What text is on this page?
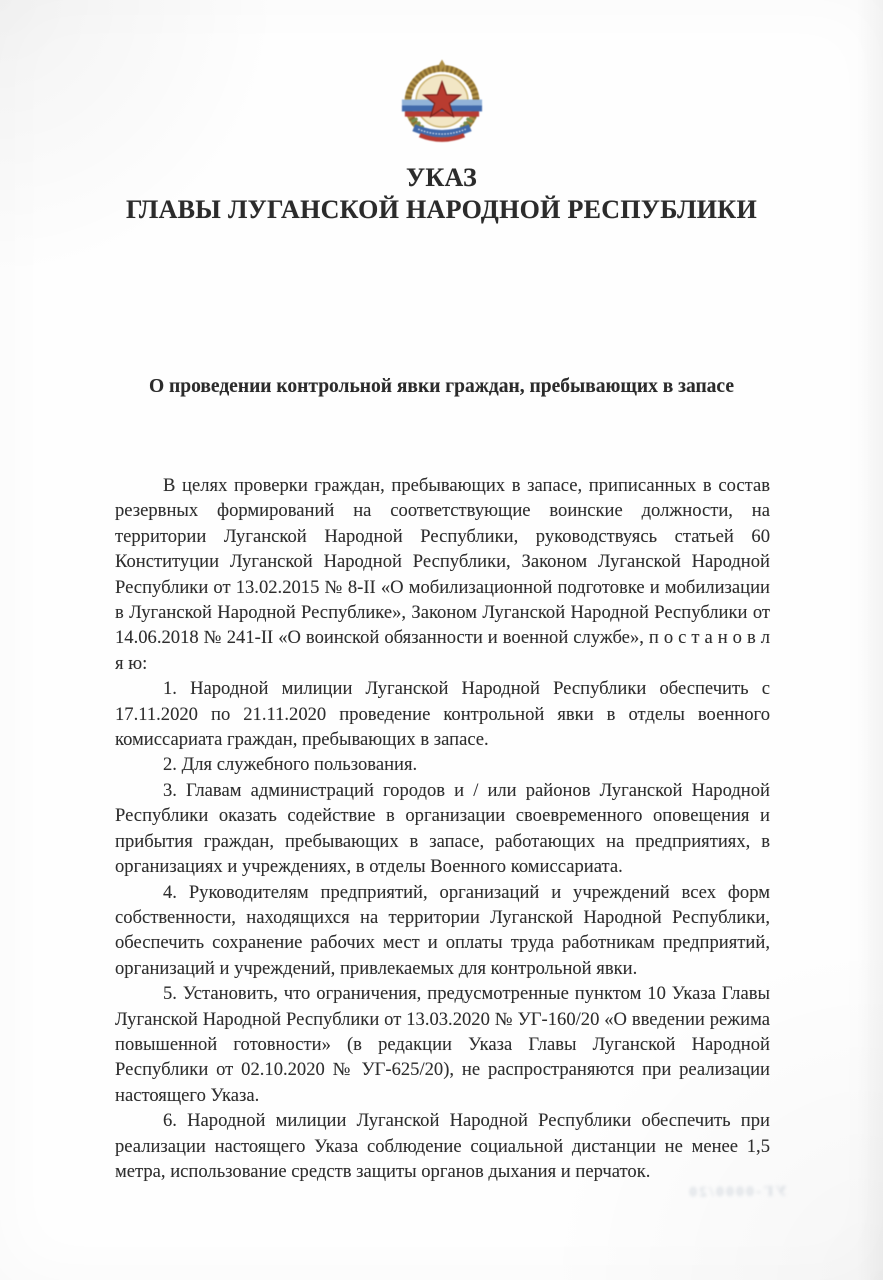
УКАЗ
ГЛАВЫ ЛУГАНСКОЙ НАРОДНОЙ РЕСПУБЛИКИ
О проведении контрольной явки граждан, пребывающих в запасе

В целях проверки граждан, пребывающих в запасе, приписанных в состав резервных формирований на соответствующие воинские должности, на территории Луганской Народной Республики, руководствуясь статьей 60 Конституции Луганской Народной Республики, Законом Луганской Народной Республики от 13.02.2015 № 8-II «О мобилизационной подготовке и мобилизации в Луганской Народной Республике», Законом Луганской Народной Республики от 14.06.2018 № 241-II «О воинской обязанности и военной службе», п о с т а н о в л я ю:

1. Народной милиции Луганской Народной Республики обеспечить с 17.11.2020 по 21.11.2020 проведение контрольной явки в отделы военного комиссариата граждан, пребывающих в запасе.

2. Для служебного пользования.

3. Главам администраций городов и / или районов Луганской Народной Республики оказать содействие в организации своевременного оповещения и прибытия граждан, пребывающих в запасе, работающих на предприятиях, в организациях и учреждениях, в отделы Военного комиссариата.

4. Руководителям предприятий, организаций и учреждений всех форм собственности, находящихся на территории Луганской Народной Республики, обеспечить сохранение рабочих мест и оплаты труда работникам предприятий, организаций и учреждений, привлекаемых для контрольной явки.

5. Установить, что ограничения, предусмотренные пунктом 10 Указа Главы Луганской Народной Республики от 13.03.2020 № УГ-160/20 «О введении режима повышенной готовности» (в редакции Указа Главы Луганской Народной Республики от 02.10.2020 № УГ-625/20), не распространяются при реализации настоящего Указа.

6. Народной милиции Луганской Народной Республики обеспечить при реализации настоящего Указа соблюдение социальной дистанции не менее 1,5 метра, использование средств защиты органов дыхания и перчаток.

УГ-0000/20
